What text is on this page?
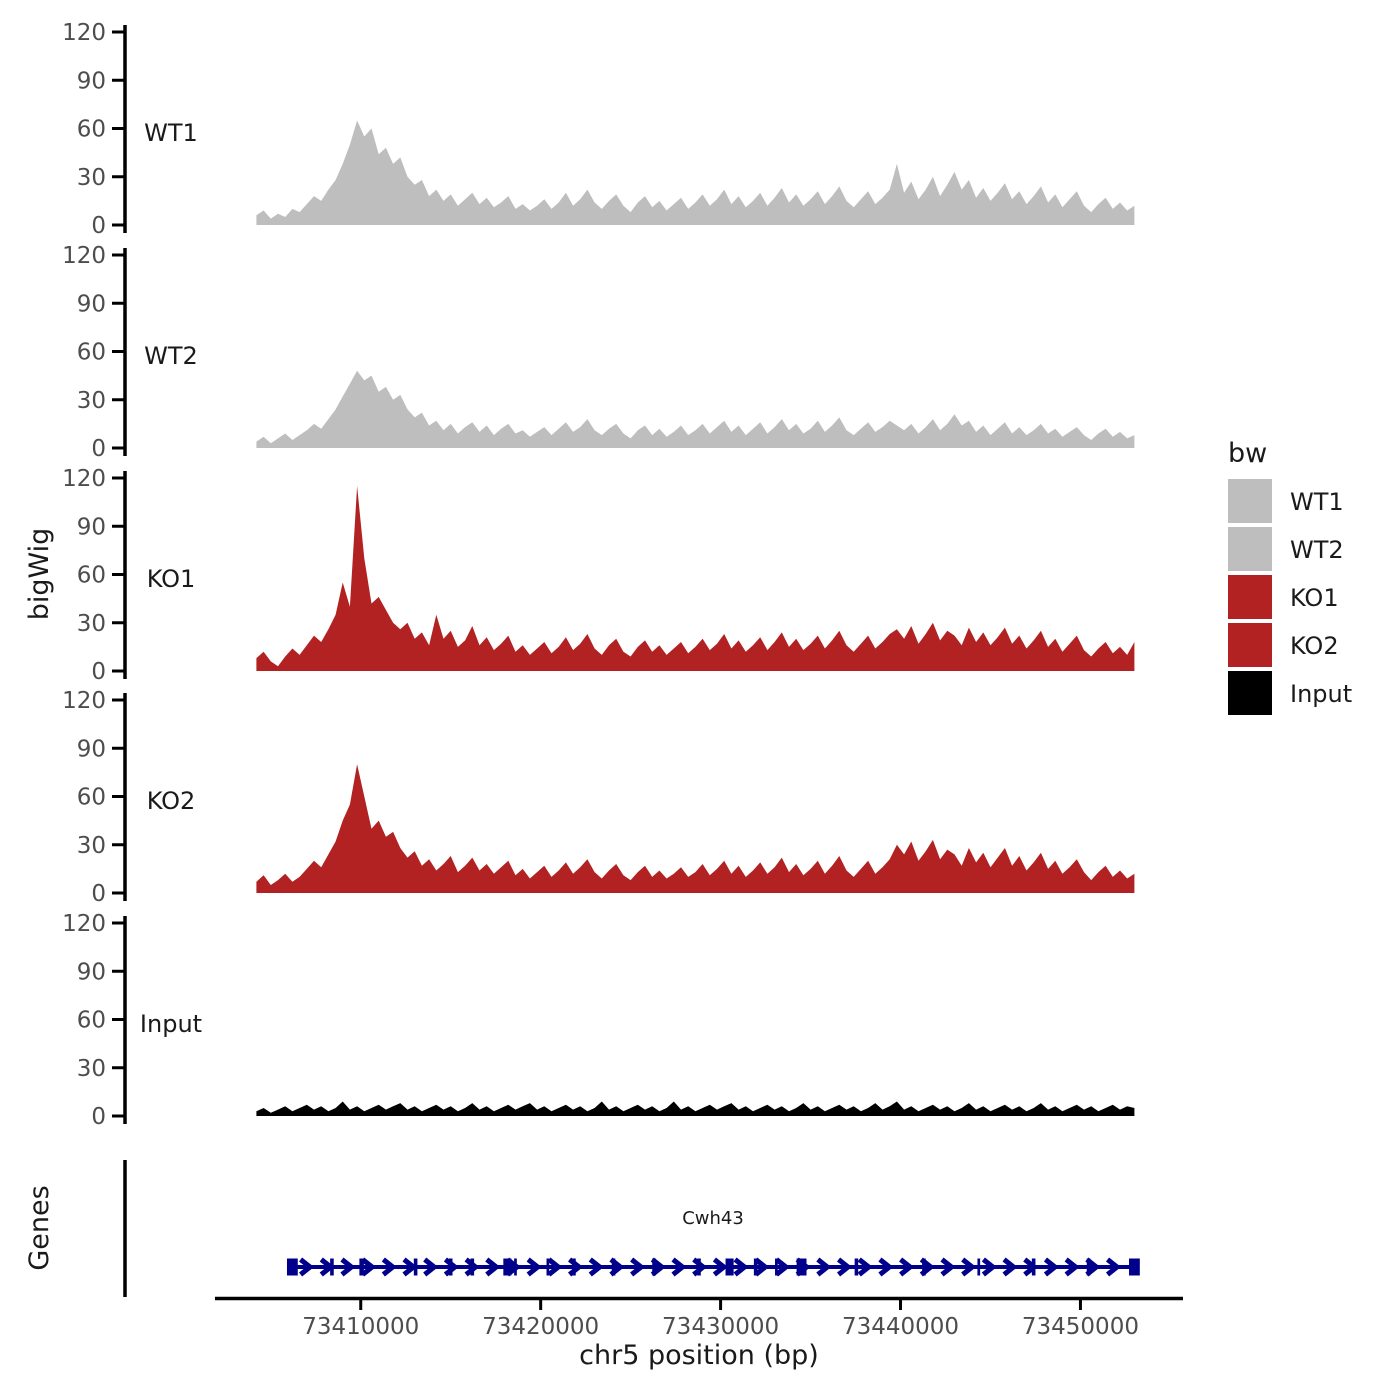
0
30
60
90
120
WT1
0
30
60
90
120
WT2
0
30
60
90
120
KO1
0
30
60
90
120
KO2
0
30
60
90
120
Input
73410000	73420000	73430000	73440000	73450000
WT1
WT2
KO1
KO2
Input
bigWig
Genes
chr5 position (bp)
bw
Cwh43
